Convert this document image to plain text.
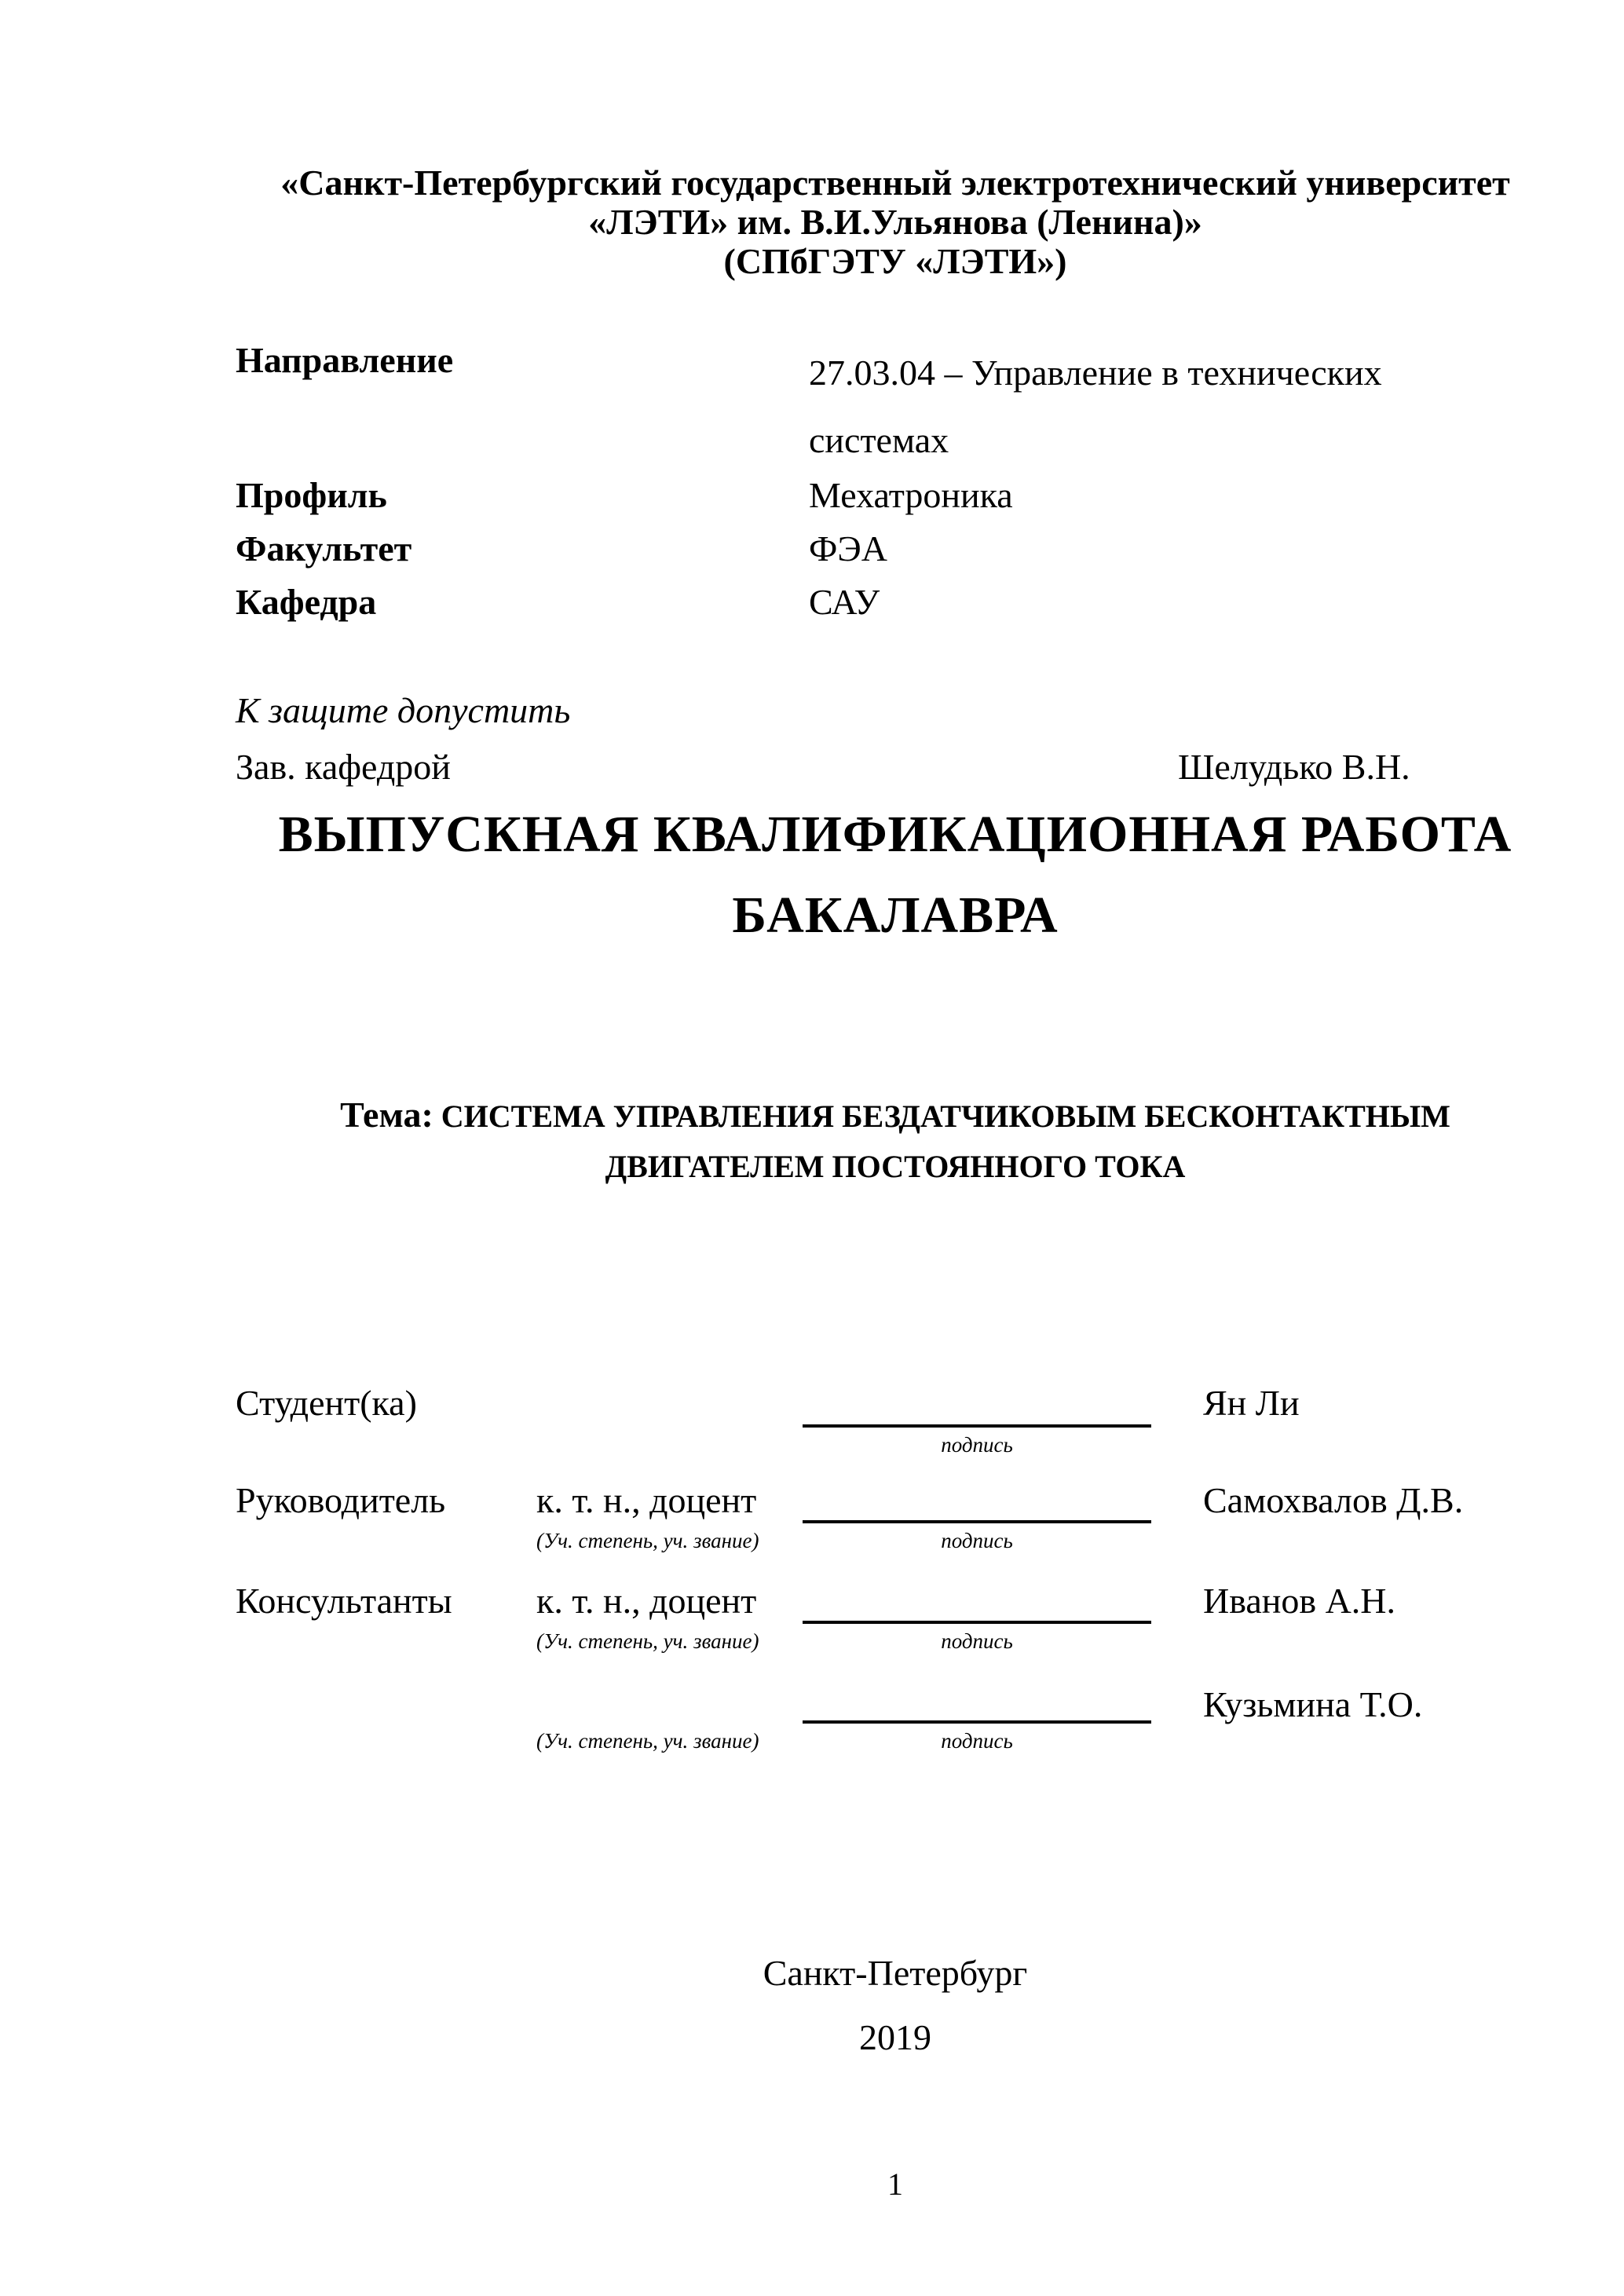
«Санкт-Петербургский государственный электротехнический университет
«ЛЭТИ» им. В.И.Ульянова (Ленина)»
(СПбГЭТУ «ЛЭТИ»)
Направление	27.03.04 – Управление в технических системах
Профиль	Мехатроника
Факультет	ФЭА
Кафедра	САУ
К защите допустить
Зав. кафедрой	Шелудько В.Н.
ВЫПУСКНАЯ КВАЛИФИКАЦИОННАЯ РАБОТА
БАКАЛАВРА
Тема: СИСТЕМА УПРАВЛЕНИЯ БЕЗДАТЧИКОВЫМ БЕСКОНТАКТНЫМ
ДВИГАТЕЛЕМ ПОСТОЯННОГО ТОКА
Студент(ка)	Ян Ли
подпись
Руководитель	к. т. н., доцент	Самохвалов Д.В.
(Уч. степень, уч. звание)	подпись
Консультанты к. т. н., доцент	Иванов А.Н.
(Уч. степень, уч. звание)	подпись
Кузьмина Т.О.
(Уч. степень, уч. звание)	подпись
Санкт-Петербург
2019
1
